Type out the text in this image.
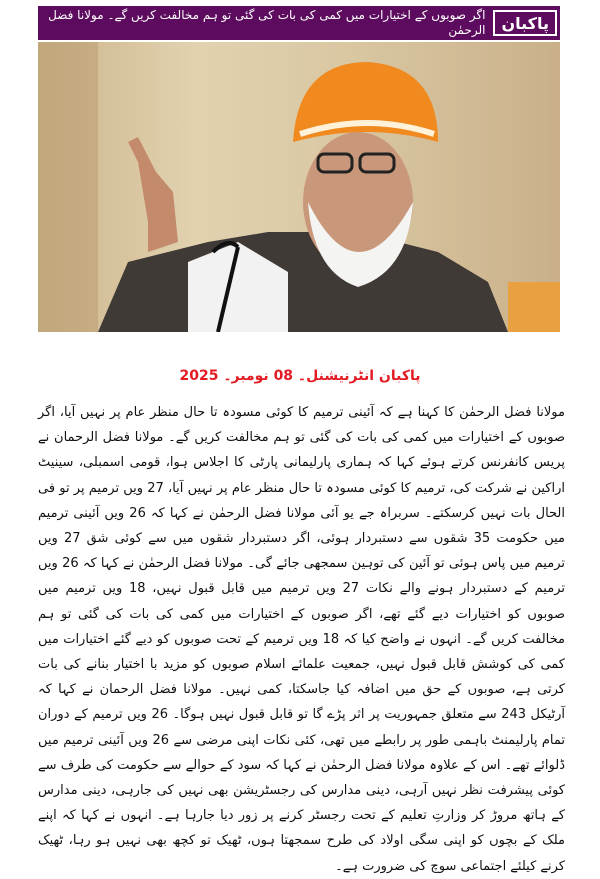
پاکبان
اگر صوبوں کے اختیارات میں کمی کی بات کی گئی تو ہم مخالفت کریں گے۔ مولانا فضل الرحمٰن
پاکبان انٹرنیشنل۔ 08 نومبر۔ 2025

مولانا فضل الرحمٰن کا کہنا ہے کہ آئینی ترمیم کا کوئی مسودہ تا حال منظر عام پر نہیں آیا، اگر صوبوں کے اختیارات میں کمی کی بات کی گئی تو ہم مخالفت کریں گے۔ مولانا فضل الرحمان نے پریس کانفرنس کرتے ہوئے کہا کہ ہماری پارلیمانی پارٹی کا اجلاس ہوا، قومی اسمبلی، سینیٹ اراکین نے شرکت کی، ترمیم کا کوئی مسودہ تا حال منظر عام پر نہیں آیا، 27 ویں ترمیم پر تو فی الحال بات نہیں کرسکتے۔ سربراہ جے یو آئی مولانا فضل الرحمٰن نے کہا کہ 26 ویں آئینی ترمیم میں حکومت 35 شقوں سے دستبردار ہوئی، اگر دستبردار شقوں میں سے کوئی شق 27 ویں ترمیم میں پاس ہوئی تو آئین کی توہین سمجھی جائے گی۔ مولانا فضل الرحمٰن نے کہا کہ 26 ویں ترمیم کے دستبردار ہونے والے نکات 27 ویں ترمیم میں قابل قبول نہیں، 18 ویں ترمیم میں صوبوں کو اختیارات دیے گئے تھے، اگر صوبوں کے اختیارات میں کمی کی بات کی گئی تو ہم مخالفت کریں گے۔ انہوں نے واضح کیا کہ 18 ویں ترمیم کے تحت صوبوں کو دیے گئے اختیارات میں کمی کی کوشش قابل قبول نہیں، جمعیت علمائے اسلام صوبوں کو مزید با اختیار بنانے کی بات کرتی ہے، صوبوں کے حق میں اضافہ کیا جاسکتا، کمی نہیں۔ مولانا فضل الرحمان نے کہا کہ آرٹیکل 243 سے متعلق جمہوریت پر اثر پڑے گا تو قابل قبول نہیں ہوگا۔ 26 ویں ترمیم کے دوران تمام پارلیمنٹ باہمی طور پر رابطے میں تھی، کئی نکات اپنی مرضی سے 26 ویں آئینی ترمیم میں ڈلوائے تھے۔ اس کے علاوہ مولانا فضل الرحمٰن نے کہا کہ سود کے حوالے سے حکومت کی طرف سے کوئی پیشرفت نظر نہیں آرہی، دینی مدارس کی رجسٹریشن بھی نہیں کی جارہی، دینی مدارس کے ہاتھ مروڑ کر وزارتِ تعلیم کے تحت رجسٹر کرنے پر زور دیا جارہا ہے۔ انہوں نے کہا کہ اپنے ملک کے بچوں کو اپنی سگی اولاد کی طرح سمجھتا ہوں، ٹھیک تو کچھ بھی نہیں ہو رہا، ٹھیک کرنے کیلئے اجتماعی سوچ کی ضرورت ہے۔
